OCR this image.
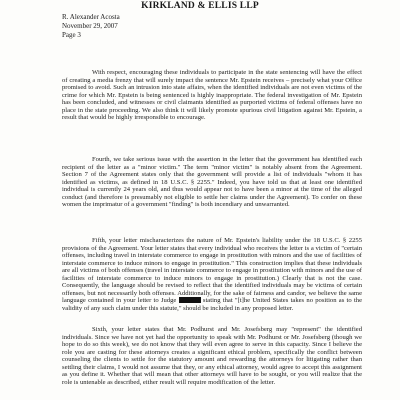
KIRKLAND & ELLIS LLP
R. Alexander Acosta
November 29, 2007
Page 3

With respect, encouraging these individuals to participate in the state sentencing will have the effect of creating a media frenzy that will surely impact the sentence Mr. Epstein receives – precisely what your Office promised to avoid. Such an intrusion into state affairs, when the identified individuals are not even victims of the crime for which Mr. Epstein is being sentenced is highly inappropriate. The federal investigation of Mr. Epstein has been concluded, and witnesses or civil claimants identified as purported victims of federal offenses have no place in the state proceeding. We also think it will likely promote spurious civil litigation against Mr. Epstein, a result that would be highly irresponsible to encourage.

Fourth, we take serious issue with the assertion in the letter that the government has identified each recipient of the letter as a "minor victim." The term "minor victim" is notably absent from the Agreement. Section 7 of the Agreement states only that the government will provide a list of individuals "whom it has identified as victims, as defined in 18 U.S.C. § 2255." Indeed, you have told us that at least one identified individual is currently 24 years old, and thus would appear not to have been a minor at the time of the alleged conduct (and therefore is presumably not eligible to settle her claims under the Agreement). To confer on these women the imprimatur of a government "finding" is both incendiary and unwarranted.

Fifth, your letter mischaracterizes the nature of Mr. Epstein's liability under the 18 U.S.C. § 2255 provisions of the Agreement. Your letter states that every individual who receives the letter is a victim of "certain offenses, including travel in interstate commerce to engage in prostitution with minors and the use of facilities of interstate commerce to induce minors to engage in prostitution." This construction implies that these individuals are all victims of both offenses (travel in interstate commerce to engage in prostitution with minors and the use of facilities of interstate commerce to induce minors to engage in prostitution.) Clearly that is not the case. Consequently, the language should be revised to reflect that the identified individuals may be victims of certain offenses, but not necessarily both offenses. Additionally, for the sake of fairness and candor, we believe the same language contained in your letter to Judge	stating that "[t]he United States takes no position as to the validity of any such claim under this statute," should be included in any proposed letter.

Sixth, your letter states that Mr. Podhurst and Mr. Josefsberg may "represent" the identified individuals. Since we have not yet had the opportunity to speak with Mr. Podhurst or Mr. Josefsberg (though we hope to do so this week), we do not know that they will even agree to serve in this capacity. Since I believe the role you are casting for these attorneys creates a significant ethical problem, specifically the conflict between counseling the clients to settle for the statutory amount and rewarding the attorneys for litigating rather than settling their claims, I would not assume that they, or any ethical attorney, would agree to accept this assignment as you define it. Whether that will mean that other attorneys will have to be sought, or you will realize that the role is untenable as described, either result will require modification of the letter.
